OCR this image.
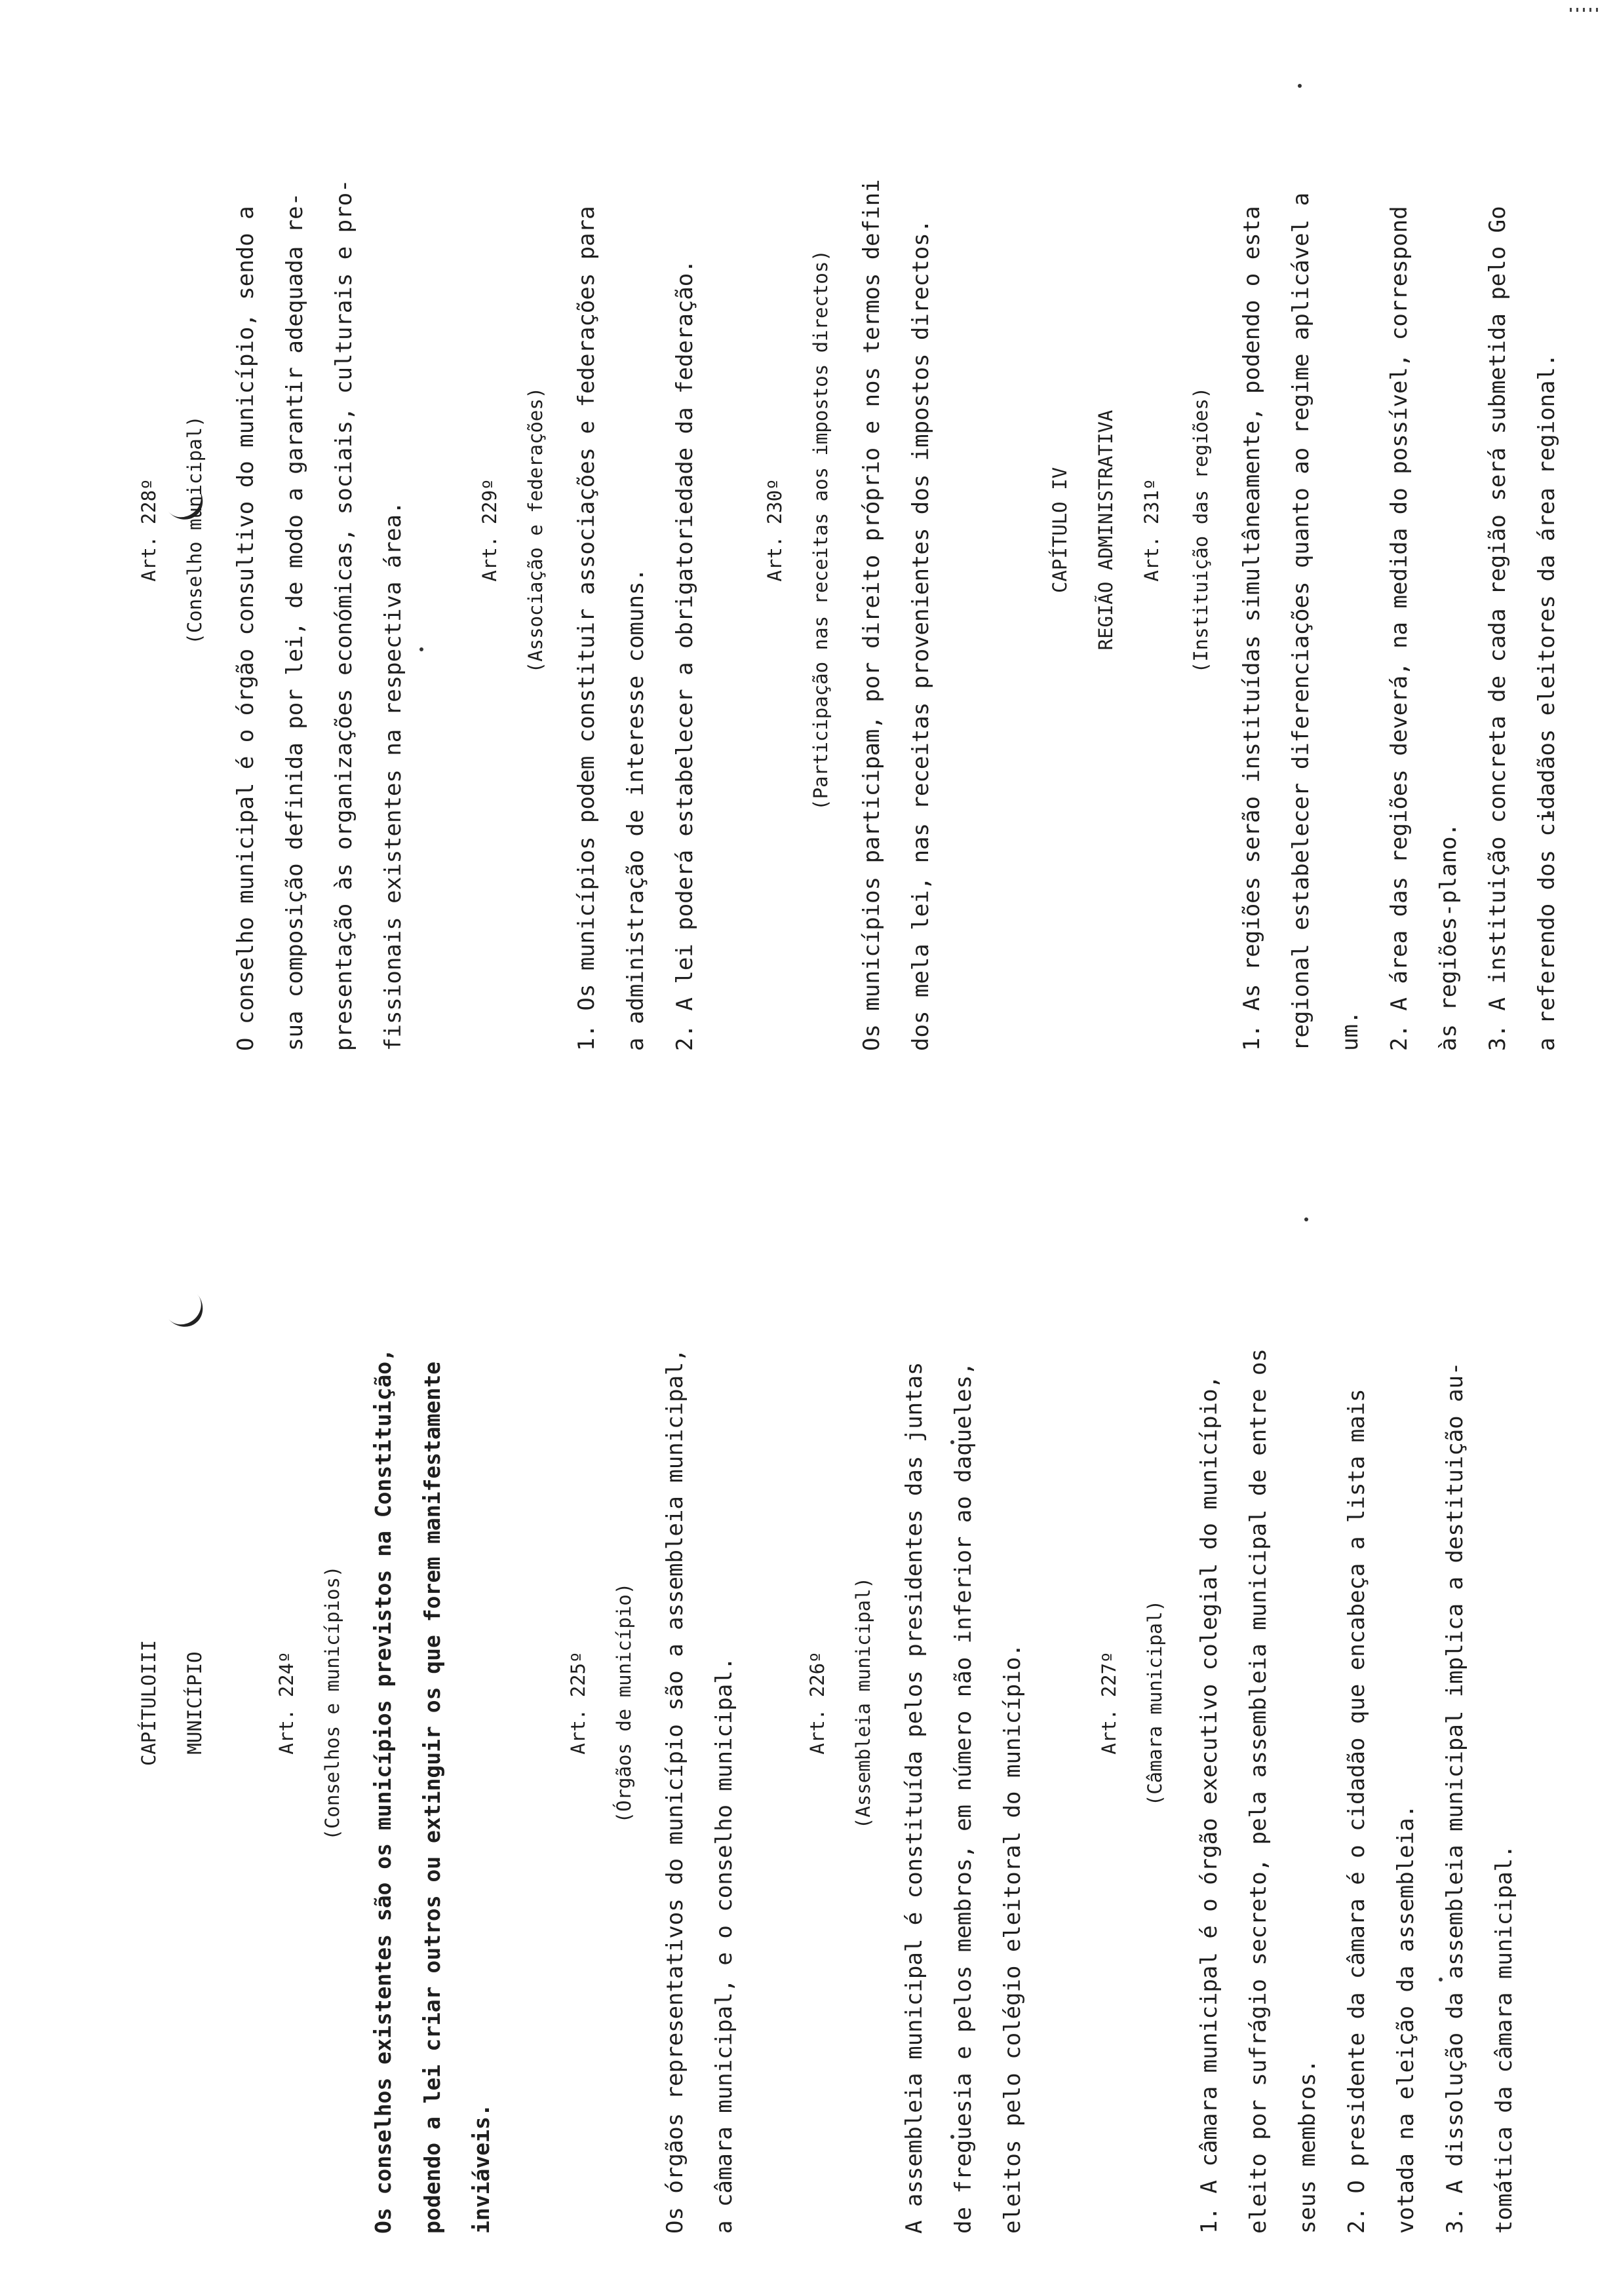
CAPÍTULOIII MUNICÍPIO	Art. 224º (Conselhos e municípios) Os conselhos existentes são os municípios previstos na Constituição, podendo a lei criar outros ou extinguir os que forem manifestamente inviáveis.
Art. 225º (Órgãos de município) Os órgãos representativos do município são a assembleia municipal, a câmara municipal, e o conselho municipal.	Art. 226º (Assembleia municipal) A assembleia municipal é constituída pelos presidentes das juntas de freguesia e pelos membros, em número não inferior ao daqueles, eleitos pelo colégio eleitoral do município.	Art. 227º (Câmara municipal) 1. A câmara municipal é o órgão executivo colegial do município, eleito por sufrágio secreto, pela assembleia municipal de entre os seus membros. 2. O presidente da câmara é o cidadão que encabeça a lista mais votada na eleição da assembleia. 3. A dissolução da assembleia municipal implica a destituição au- tomática da câmara municipal.
Art. 228º (Conselho municipal) O conselho municipal é o órgão consultivo do município, sendo a sua composição definida por lei, de modo a garantir adequada re- presentação às organizações económicas, sociais, culturais e pro- fissionais existentes na respectiva área.	Art. 229º (Associação e federações) 1. Os municípios podem constituir associações e federações para a administração de interesse comuns. 2. A lei poderá estabelecer a obrigatoriedade da federação.	Art. 230º (Participação nas receitas aos impostos directos) Os municípios participam, por direito próprio e nos termos defini dos mela lei, nas receitas provenientes dos impostos directos.	CAPÍTULO IV REGIÃO ADMINISTRATIVA Art. 231º (Instituição das regiões) 1. As regiões serão instituídas simultâneamente, podendo o esta regional estabelecer diferenciações quanto ao regime aplicável a um. 2. A área das regiões deverá, na medida do possível, correspond às regiões-plano. 3. A instituição concreta de cada região será submetida pelo Go a referendo dos cidadãos eleitores da área regional.
